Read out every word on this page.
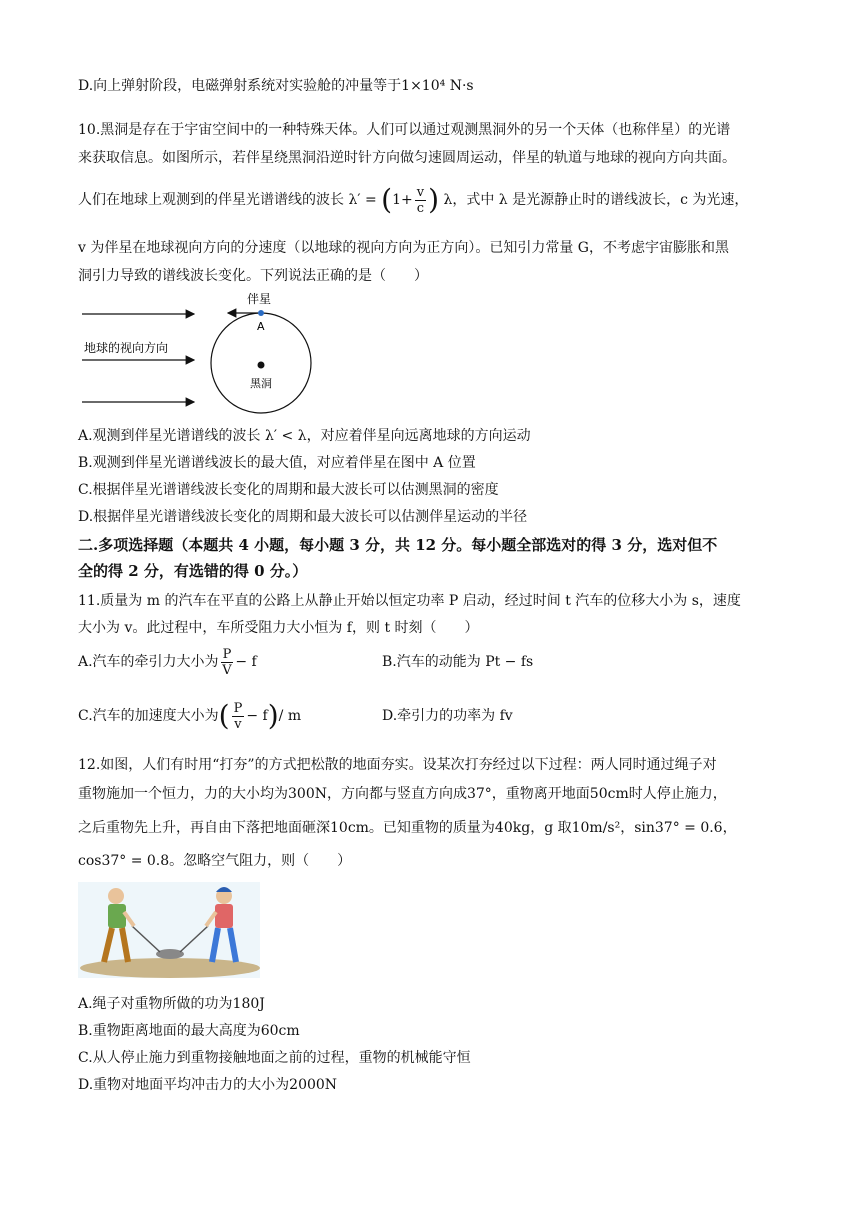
D.向上弹射阶段，电磁弹射系统对实验舱的冲量等于1×10⁴ N·s
10.黑洞是存在于宇宙空间中的一种特殊天体。人们可以通过观测黑洞外的另一个天体（也称伴星）的光谱
来获取信息。如图所示，若伴星绕黑洞沿逆时针方向做匀速圆周运动，伴星的轨道与地球的视向方向共面。
人们在地球上观测到的伴星光谱谱线的波长 $\lambda' = (1+ \frac{v}{c}$ ) λ，式中 λ 是光源静止时的谱线波长，c 为光速，
v 为伴星在地球视向方向的分速度（以地球的视向方向为正方向）。已知引力常量 G，不考虑宇宙膨胀和黑
洞引力导致的谱线波长变化。下列说法正确的是（　　）
伴星
A
地球的视向方向
黑洞
A.观测到伴星光谱谱线的波长 λ′ < λ，对应着伴星向远离地球的方向运动
B.观测到伴星光谱谱线波长的最大值，对应着伴星在图中 A 位置
C.根据伴星光谱谱线波长变化的周期和最大波长可以估测黑洞的密度
D.根据伴星光谱谱线波长变化的周期和最大波长可以估测伴星运动的半径
二.多项选择题（本题共 4 小题，每小题 3 分，共 12 分。每小题全部选对的得 3 分，选对但不
全的得 2 分，有选错的得 0 分。）
11.质量为 m 的汽车在平直的公路上从静止开始以恒定功率 P 启动，经过时间 t 汽车的位移大小为 s，速度
大小为 v。此过程中，车所受阻力大小恒为 f，则 t 时刻（　　）
A.汽车的牵引力大小为 $\frac{P}{V} - f$	B.汽车的动能为 Pt − fs
C.汽车的加速度大小为( $\frac{P}{v} - f)/$ m	D.牵引力的功率为 fv
12.如图，人们有时用“打夯”的方式把松散的地面夯实。设某次打夯经过以下过程：两人同时通过绳子对
重物施加一个恒力，力的大小均为300N，方向都与竖直方向成37°，重物离开地面50cm时人停止施力，
之后重物先上升，再自由下落把地面砸深10cm。已知重物的质量为40kg，g 取10m/s²，sin37° = 0.6，
cos37° = 0.8。忽略空气阻力，则（　　）
A.绳子对重物所做的功为180J
B.重物距离地面的最大高度为60cm
C.从人停止施力到重物接触地面之前的过程，重物的机械能守恒
D.重物对地面平均冲击力的大小为2000N
